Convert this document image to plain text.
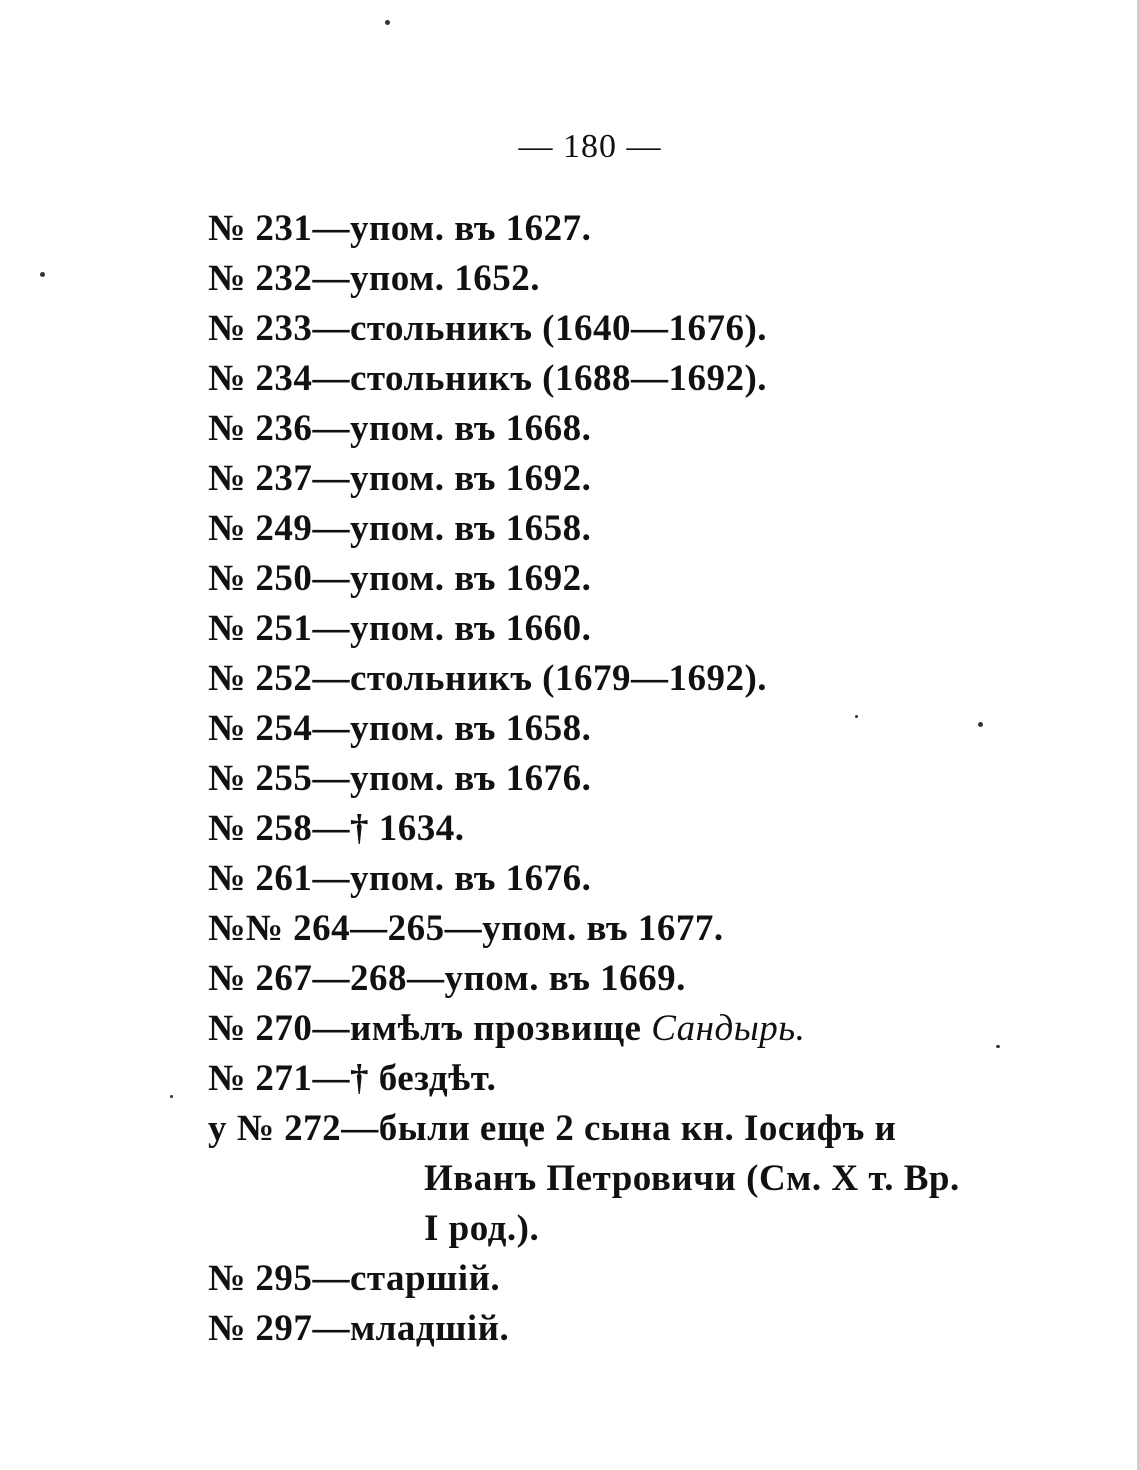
— 180 —
№ 231—упом. въ 1627.
№ 232—упом. 1652.
№ 233—стольникъ (1640—1676).
№ 234—стольникъ (1688—1692).
№ 236—упом. въ 1668.
№ 237—упом. въ 1692.
№ 249—упом. въ 1658.
№ 250—упом. въ 1692.
№ 251—упом. въ 1660.
№ 252—стольникъ (1679—1692).
№ 254—упом. въ 1658.
№ 255—упом. въ 1676.
№ 258—† 1634.
№ 261—упом. въ 1676.
№№ 264—265—упом. въ 1677.
№ 267—268—упом. въ 1669.
№ 270—имѣлъ прозвище Сандырь.
№ 271—† бездѣт.
у № 272—были еще 2 сына кн. Іосифъ и
Иванъ Петровичи (См. X т. Вр.
I род.).
№ 295—старшій.
№ 297—младшій.
